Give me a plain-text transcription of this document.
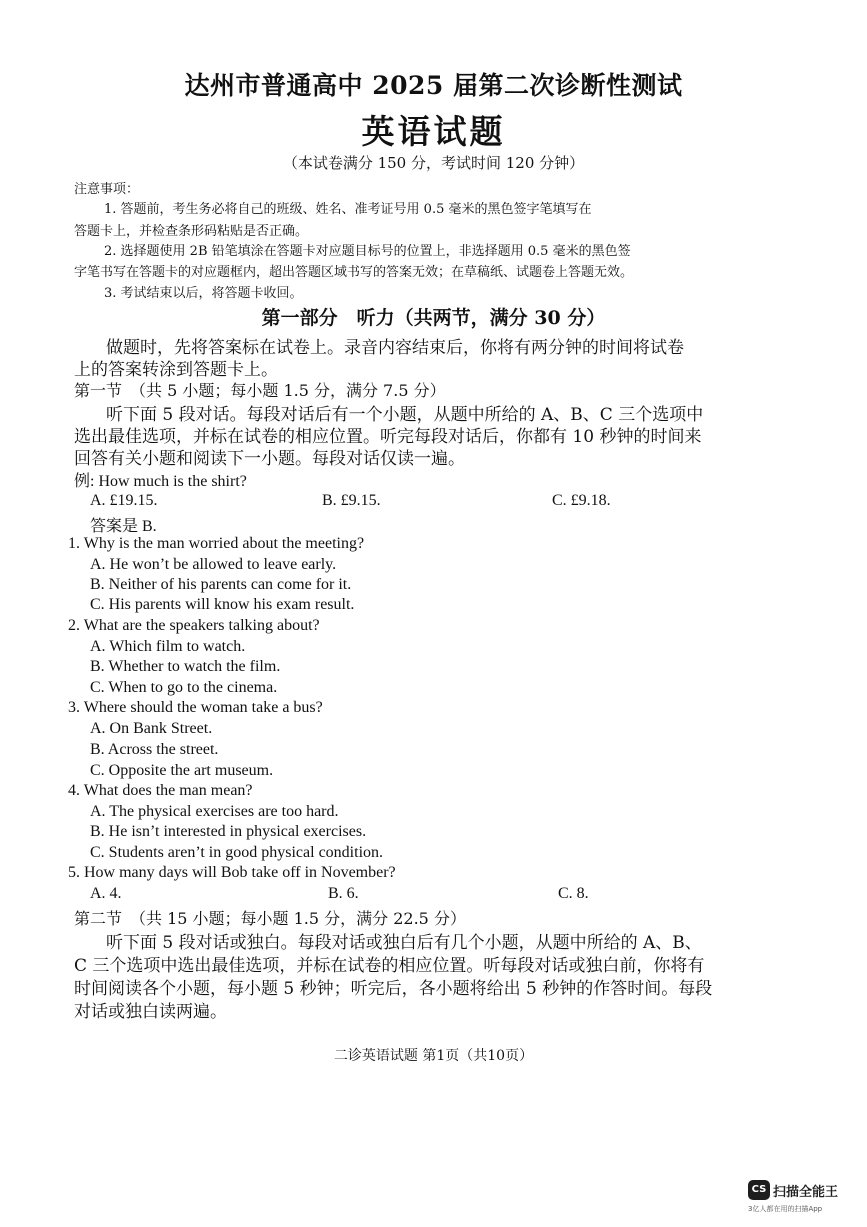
达州市普通高中 2025 届第二次诊断性测试
英语试题
（本试卷满分 150 分，考试时间 120 分钟）
注意事项：
1. 答题前，考生务必将自己的班级、姓名、准考证号用 0.5 毫米的黑色签字笔填写在
答题卡上，并检查条形码粘贴是否正确。
2. 选择题使用 2B 铅笔填涂在答题卡对应题目标号的位置上，非选择题用 0.5 毫米的黑色签
字笔书写在答题卡的对应题框内，超出答题区域书写的答案无效；在草稿纸、试题卷上答题无效。
3. 考试结束以后，将答题卡收回。
第一部分　听力（共两节，满分 30 分）
做题时，先将答案标在试卷上。录音内容结束后，你将有两分钟的时间将试卷
上的答案转涂到答题卡上。
第一节　（共 5 小题；每小题 1.5 分，满分 7.5 分）
听下面 5 段对话。每段对话后有一个小题，从题中所给的 A、B、C 三个选项中
选出最佳选项，并标在试卷的相应位置。听完每段对话后，你都有 10 秒钟的时间来
回答有关小题和阅读下一小题。每段对话仅读一遍。
例: How much is the shirt?
A. £19.15.	B. £9.15.	C. £9.18.
答案是 B.
1. Why is the man worried about the meeting?
A. He won’t be allowed to leave early.
B. Neither of his parents can come for it.
C. His parents will know his exam result.
2. What are the speakers talking about?
A. Which film to watch.
B. Whether to watch the film.
C. When to go to the cinema.
3. Where should the woman take a bus?
A. On Bank Street.
B. Across the street.
C. Opposite the art museum.
4. What does the man mean?
A. The physical exercises are too hard.
B. He isn’t interested in physical exercises.
C. Students aren’t in good physical condition.
5. How many days will Bob take off in November?
A. 4.	B. 6.	C. 8.
第二节　（共 15 小题；每小题 1.5 分，满分 22.5 分）
听下面 5 段对话或独白。每段对话或独白后有几个小题，从题中所给的 A、B、
C 三个选项中选出最佳选项，并标在试卷的相应位置。听每段对话或独白前，你将有
时间阅读各个小题，每小题 5 秒钟；听完后，各小题将给出 5 秒钟的作答时间。每段
对话或独白读两遍。
二诊英语试题 第1页（共10页）
CS 扫描全能王
3亿人都在用的扫描App
